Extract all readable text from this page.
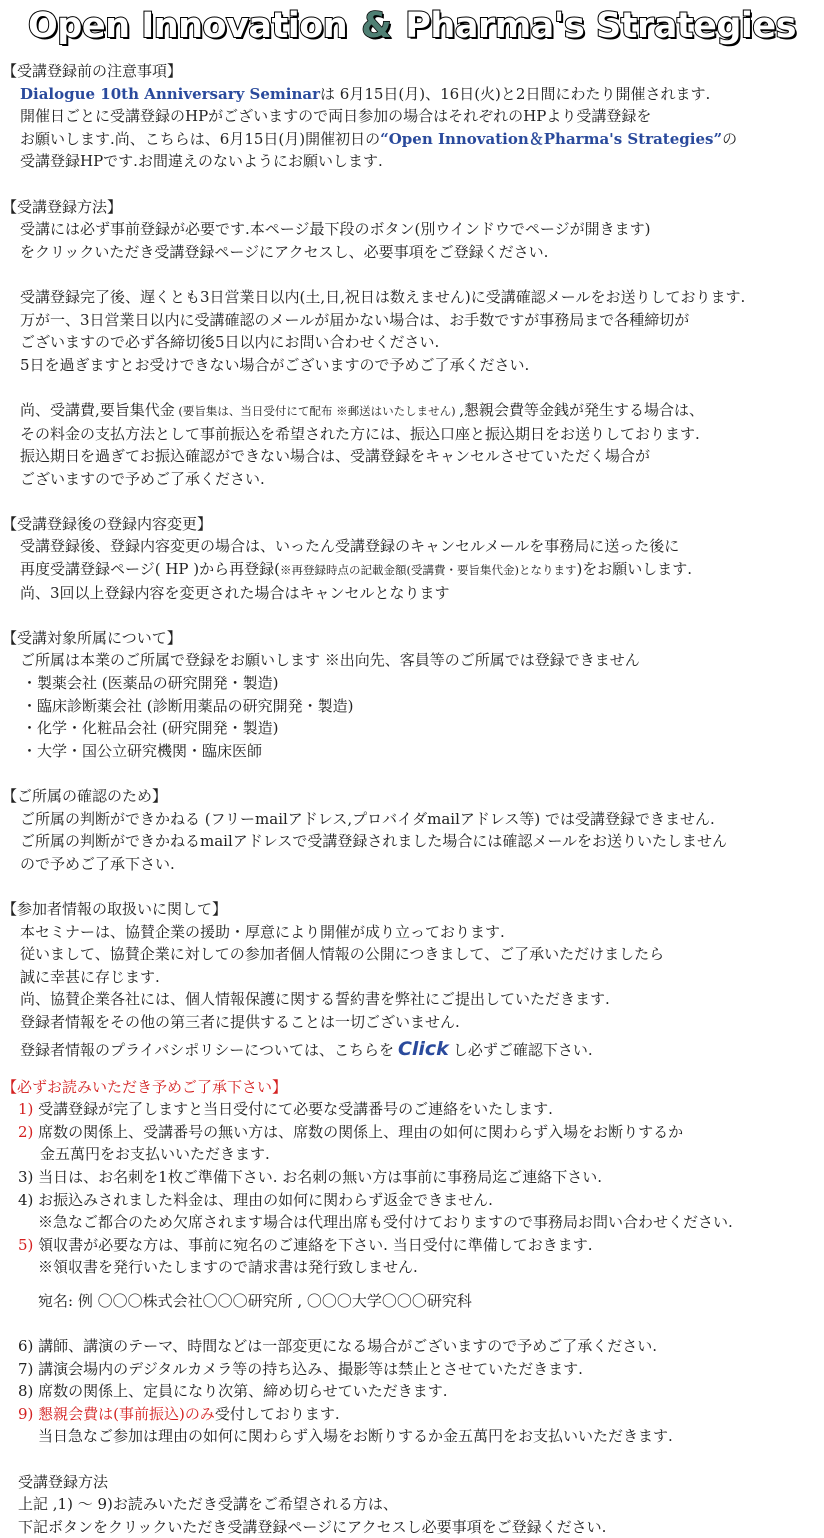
Open Innovation & Pharma's Strategies
【受講登録前の注意事項】
Dialogue 10th Anniversary Seminarは 6月15日(月)、16日(火)と2日間にわたり開催されます.
開催日ごとに受講登録のHPがございますので両日参加の場合はそれぞれのHPより受講登録を
お願いします.尚、こちらは、6月15日(月)開催初日の“Open Innovation＆Pharma's Strategies”の
受講登録HPです.お間違えのないようにお願いします.
【受講登録方法】
受講には必ず事前登録が必要です.本ページ最下段のボタン(別ウインドウでページが開きます)
をクリックいただき受講登録ページにアクセスし、必要事項をご登録ください.
受講登録完了後、遅くとも3日営業日以内(土,日,祝日は数えません)に受講確認メールをお送りしております.
万が一、3日営業日以内に受講確認のメールが届かない場合は、お手数ですが事務局まで各種締切が
ございますので必ず各締切後5日以内にお問い合わせください.
5日を過ぎますとお受けできない場合がございますので予めご了承ください.
尚、受講費,要旨集代金 (要旨集は、当日受付にて配布 ※郵送はいたしません) ,懇親会費等金銭が発生する場合は、
その料金の支払方法として事前振込を希望された方には、振込口座と振込期日をお送りしております.
振込期日を過ぎてお振込確認ができない場合は、受講登録をキャンセルさせていただく場合が
ございますので予めご了承ください.
【受講登録後の登録内容変更】
受講登録後、登録内容変更の場合は、いったん受講登録のキャンセルメールを事務局に送った後に
再度受講登録ページ( HP )から再登録(※再登録時点の記載金額(受講費・要旨集代金)となります)をお願いします.
尚、3回以上登録内容を変更された場合はキャンセルとなります
【受講対象所属について】
ご所属は本業のご所属で登録をお願いします ※出向先、客員等のご所属では登録できません
・製薬会社 (医薬品の研究開発・製造)
・臨床診断薬会社 (診断用薬品の研究開発・製造)
・化学・化粧品会社 (研究開発・製造)
・大学・国公立研究機関・臨床医師
【ご所属の確認のため】
ご所属の判断ができかねる (フリーmailアドレス,プロバイダmailアドレス等) では受講登録できません.
ご所属の判断ができかねるmailアドレスで受講登録されました場合には確認メールをお送りいたしません
ので予めご了承下さい.
【参加者情報の取扱いに関して】
本セミナーは、協賛企業の援助・厚意により開催が成り立っております.
従いまして、協賛企業に対しての参加者個人情報の公開につきまして、ご了承いただけましたら
誠に幸甚に存じます.
尚、協賛企業各社には、個人情報保護に関する誓約書を弊社にご提出していただきます.
登録者情報をその他の第三者に提供することは一切ございません.
登録者情報のプライバシポリシーについては、こちらを Click し必ずご確認下さい.
【必ずお読みいただき予めご了承下さい】
1) 受講登録が完了しますと当日受付にて必要な受講番号のご連絡をいたします.
2) 席数の関係上、受講番号の無い方は、席数の関係上、理由の如何に関わらず入場をお断りするか
金五萬円をお支払いいただきます.
3) 当日は、お名刺を1枚ご準備下さい. お名刺の無い方は事前に事務局迄ご連絡下さい.
4) お振込みされました料金は、理由の如何に関わらず返金できません.
※急なご都合のため欠席されます場合は代理出席も受付けておりますので事務局お問い合わせください.
5) 領収書が必要な方は、事前に宛名のご連絡を下さい. 当日受付に準備しておきます.
※領収書を発行いたしますので請求書は発行致しません.
宛名: 例 〇〇〇株式会社〇〇〇研究所 , 〇〇〇大学〇〇〇研究科
6) 講師、講演のテーマ、時間などは一部変更になる場合がございますので予めご了承ください.
7) 講演会場内のデジタルカメラ等の持ち込み、撮影等は禁止とさせていただきます.
8) 席数の関係上、定員になり次第、締め切らせていただきます.
9) 懇親会費は(事前振込)のみ受付しております.
当日急なご参加は理由の如何に関わらず入場をお断りするか金五萬円をお支払いいただきます.
受講登録方法
上記 ,1) ～ 9)お読みいただき受講をご希望される方は、
下記ボタンをクリックいただき受講登録ページにアクセスし必要事項をご登録ください.
